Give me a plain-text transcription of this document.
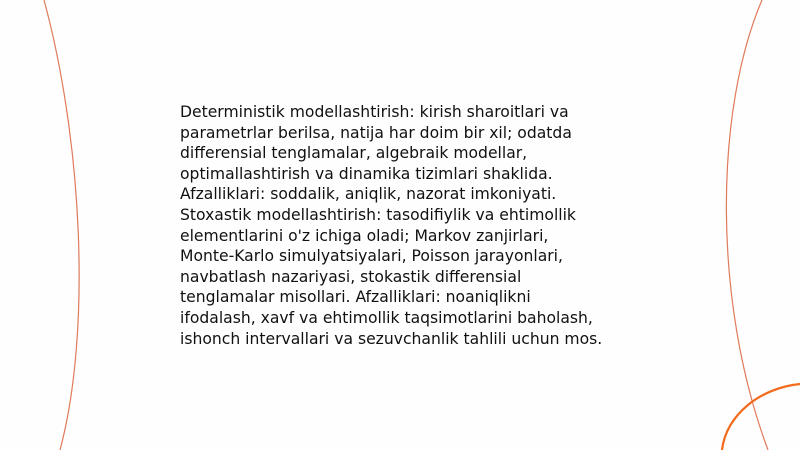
Deterministik modellashtirish: kirish sharoitlari va
parametrlar berilsa, natija har doim bir xil; odatda
differensial tenglamalar, algebraik modellar,
optimallashtirish va dinamika tizimlari shaklida.
Afzalliklari: soddalik, aniqlik, nazorat imkoniyati.
Stoxastik modellashtirish: tasodifiylik va ehtimollik
elementlarini o'z ichiga oladi; Markov zanjirlari,
Monte-Karlo simulyatsiyalari, Poisson jarayonlari,
navbatlash nazariyasi, stokastik differensial
tenglamalar misollari. Afzalliklari: noaniqlikni
ifodalash, xavf va ehtimollik taqsimotlarini baholash,
ishonch intervallari va sezuvchanlik tahlili uchun mos.
